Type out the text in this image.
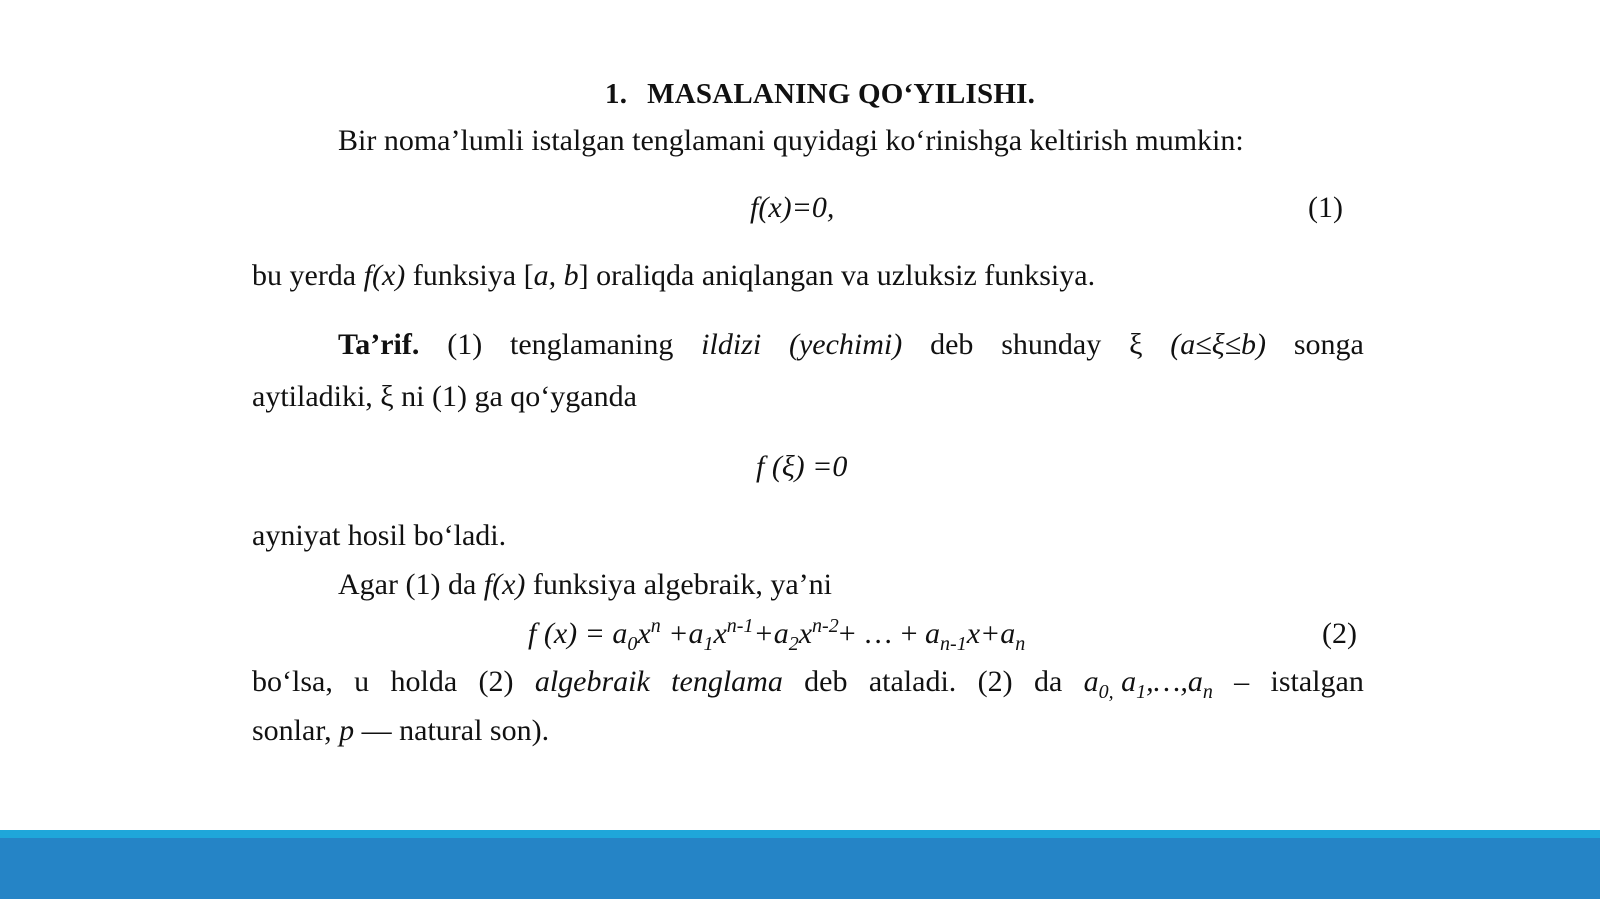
1. MASALANING QO‘YILISHI.
Bir noma’lumli istalgan tenglamani quyidagi ko‘rinishga keltirish mumkin:
f(x)=0,	(1)
bu yerda f(x) funksiya [a, b] oraliqda aniqlangan va uzluksiz funksiya.
Ta’rif. (1) tenglamaning ildizi (yechimi) deb shunday ξ (a≤ξ≤b) songa
aytiladiki, ξ ni (1) ga qo‘yganda
f (ξ) =0
ayniyat hosil bo‘ladi.
Agar (1) da f(x) funksiya algebraik, ya’ni
f $(x) = a_0x^n +a_1x^{n-1}+a_2x^{n-2}+$ … + $a_{n-1}x+a_n$	(2)
bo‘lsa, u holda (2) algebraik tenglama deb ataladi. (2) da $a_{0,}$ $a_1,\dots,a_n$ – istalgan
sonlar, p — natural son).
